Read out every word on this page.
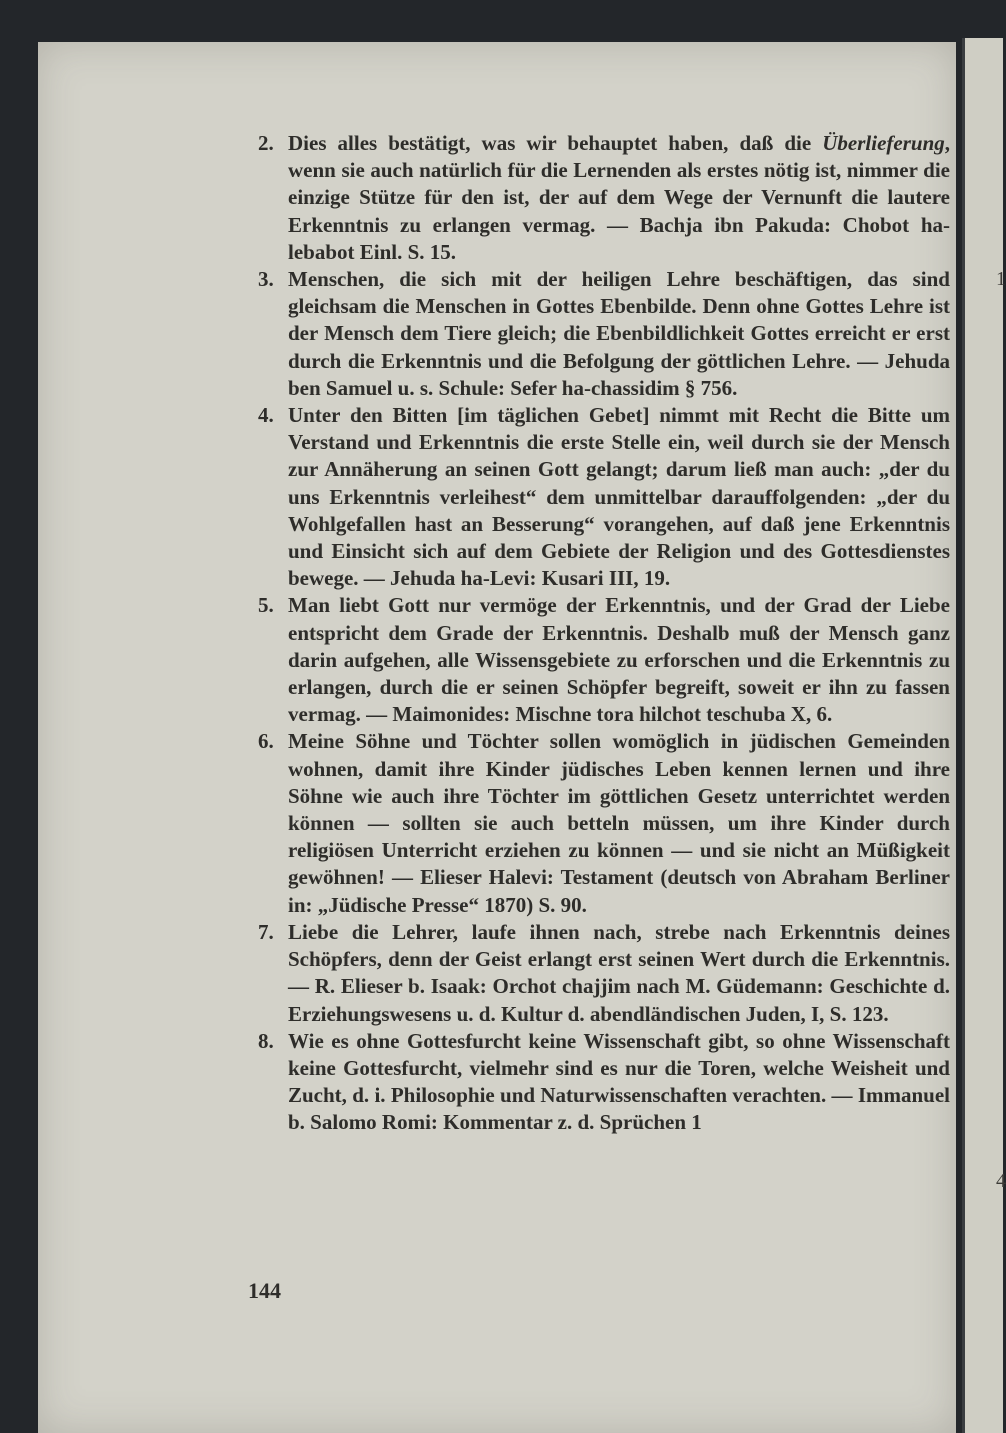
1
4
2. Dies alles bestätigt, was wir behauptet haben, daß die Überlieferung, wenn sie auch natürlich für die Lernenden als erstes nötig ist, nimmer die einzige Stütze für den ist, der auf dem Wege der Vernunft die lautere Erkenntnis zu erlangen vermag. — Bachja ibn Pakuda: Chobot ha-lebabot Einl. S. 15.
3. Menschen, die sich mit der heiligen Lehre beschäftigen, das sind gleichsam die Menschen in Gottes Ebenbilde. Denn ohne Gottes Lehre ist der Mensch dem Tiere gleich; die Ebenbildlichkeit Gottes erreicht er erst durch die Erkenntnis und die Befolgung der göttlichen Lehre. — Jehuda ben Samuel u. s. Schule: Sefer ha-chassidim § 756.
4. Unter den Bitten [im täglichen Gebet] nimmt mit Recht die Bitte um Verstand und Erkenntnis die erste Stelle ein, weil durch sie der Mensch zur Annäherung an seinen Gott gelangt; darum ließ man auch: „der du uns Erkenntnis verleihest“ dem unmittelbar darauffolgenden: „der du Wohlgefallen hast an Besserung“ vorangehen, auf daß jene Erkenntnis und Einsicht sich auf dem Gebiete der Religion und des Gottesdienstes bewege. — Jehuda ha-Levi: Kusari III, 19.
5. Man liebt Gott nur vermöge der Erkenntnis, und der Grad der Liebe entspricht dem Grade der Erkenntnis. Deshalb muß der Mensch ganz darin aufgehen, alle Wissensgebiete zu erforschen und die Erkenntnis zu erlangen, durch die er seinen Schöpfer begreift, soweit er ihn zu fassen vermag. — Maimonides: Mischne tora hilchot teschuba X, 6.
6. Meine Söhne und Töchter sollen womöglich in jüdischen Gemeinden wohnen, damit ihre Kinder jüdisches Leben kennen lernen und ihre Söhne wie auch ihre Töchter im göttlichen Gesetz unterrichtet werden können — sollten sie auch betteln müssen, um ihre Kinder durch religiösen Unterricht erziehen zu können — und sie nicht an Müßigkeit gewöhnen! — Elieser Halevi: Testament (deutsch von Abraham Berliner in: „Jüdische Presse“ 1870) S. 90.
7. Liebe die Lehrer, laufe ihnen nach, strebe nach Erkenntnis deines Schöpfers, denn der Geist erlangt erst seinen Wert durch die Erkenntnis. — R. Elieser b. Isaak: Orchot chajjim nach M. Güdemann: Geschichte d. Erziehungswesens u. d. Kultur d. abendländischen Juden, I, S. 123.
8. Wie es ohne Gottesfurcht keine Wissenschaft gibt, so ohne Wissenschaft keine Gottesfurcht, vielmehr sind es nur die Toren, welche Weisheit und Zucht, d. i. Philosophie und Naturwissenschaften verachten. — Immanuel b. Salomo Romi: Kommentar z. d. Sprüchen 1
144
